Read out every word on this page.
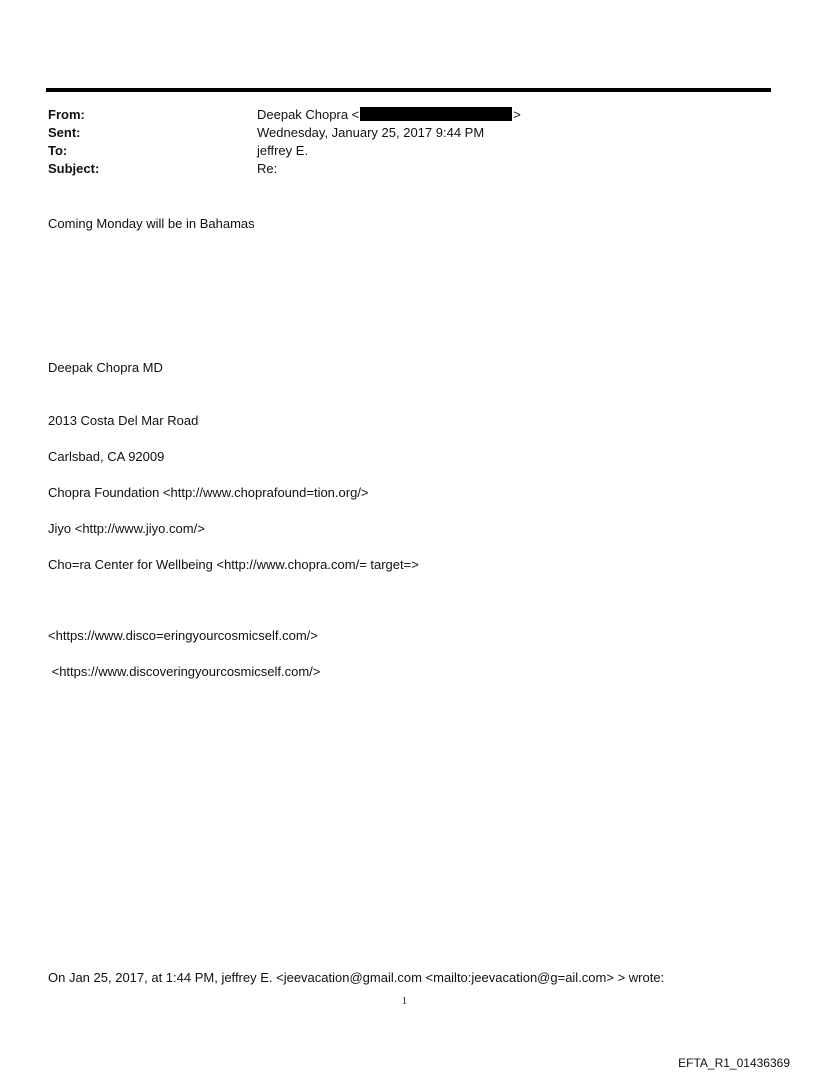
From:	Deepak Chopra <	>
Sent:	Wednesday, January 25, 2017 9:44 PM
To:	jeffrey E.
Subject:	Re:
Coming Monday will be in Bahamas
Deepak Chopra MD
2013 Costa Del Mar Road
Carlsbad, CA 92009
Chopra Foundation <http://www.choprafound=tion.org/>
Jiyo <http://www.jiyo.com/>
Cho=ra Center for Wellbeing <http://www.chopra.com/= target=>
<https://www.disco=eringyourcosmicself.com/>
<https://www.discoveringyourcosmicself.com/>
On Jan 25, 2017, at 1:44 PM, jeffrey E. <jeevacation@gmail.com <mailto:jeevacation@g=ail.com> > wrote:
1
EFTA_R1_01436369
